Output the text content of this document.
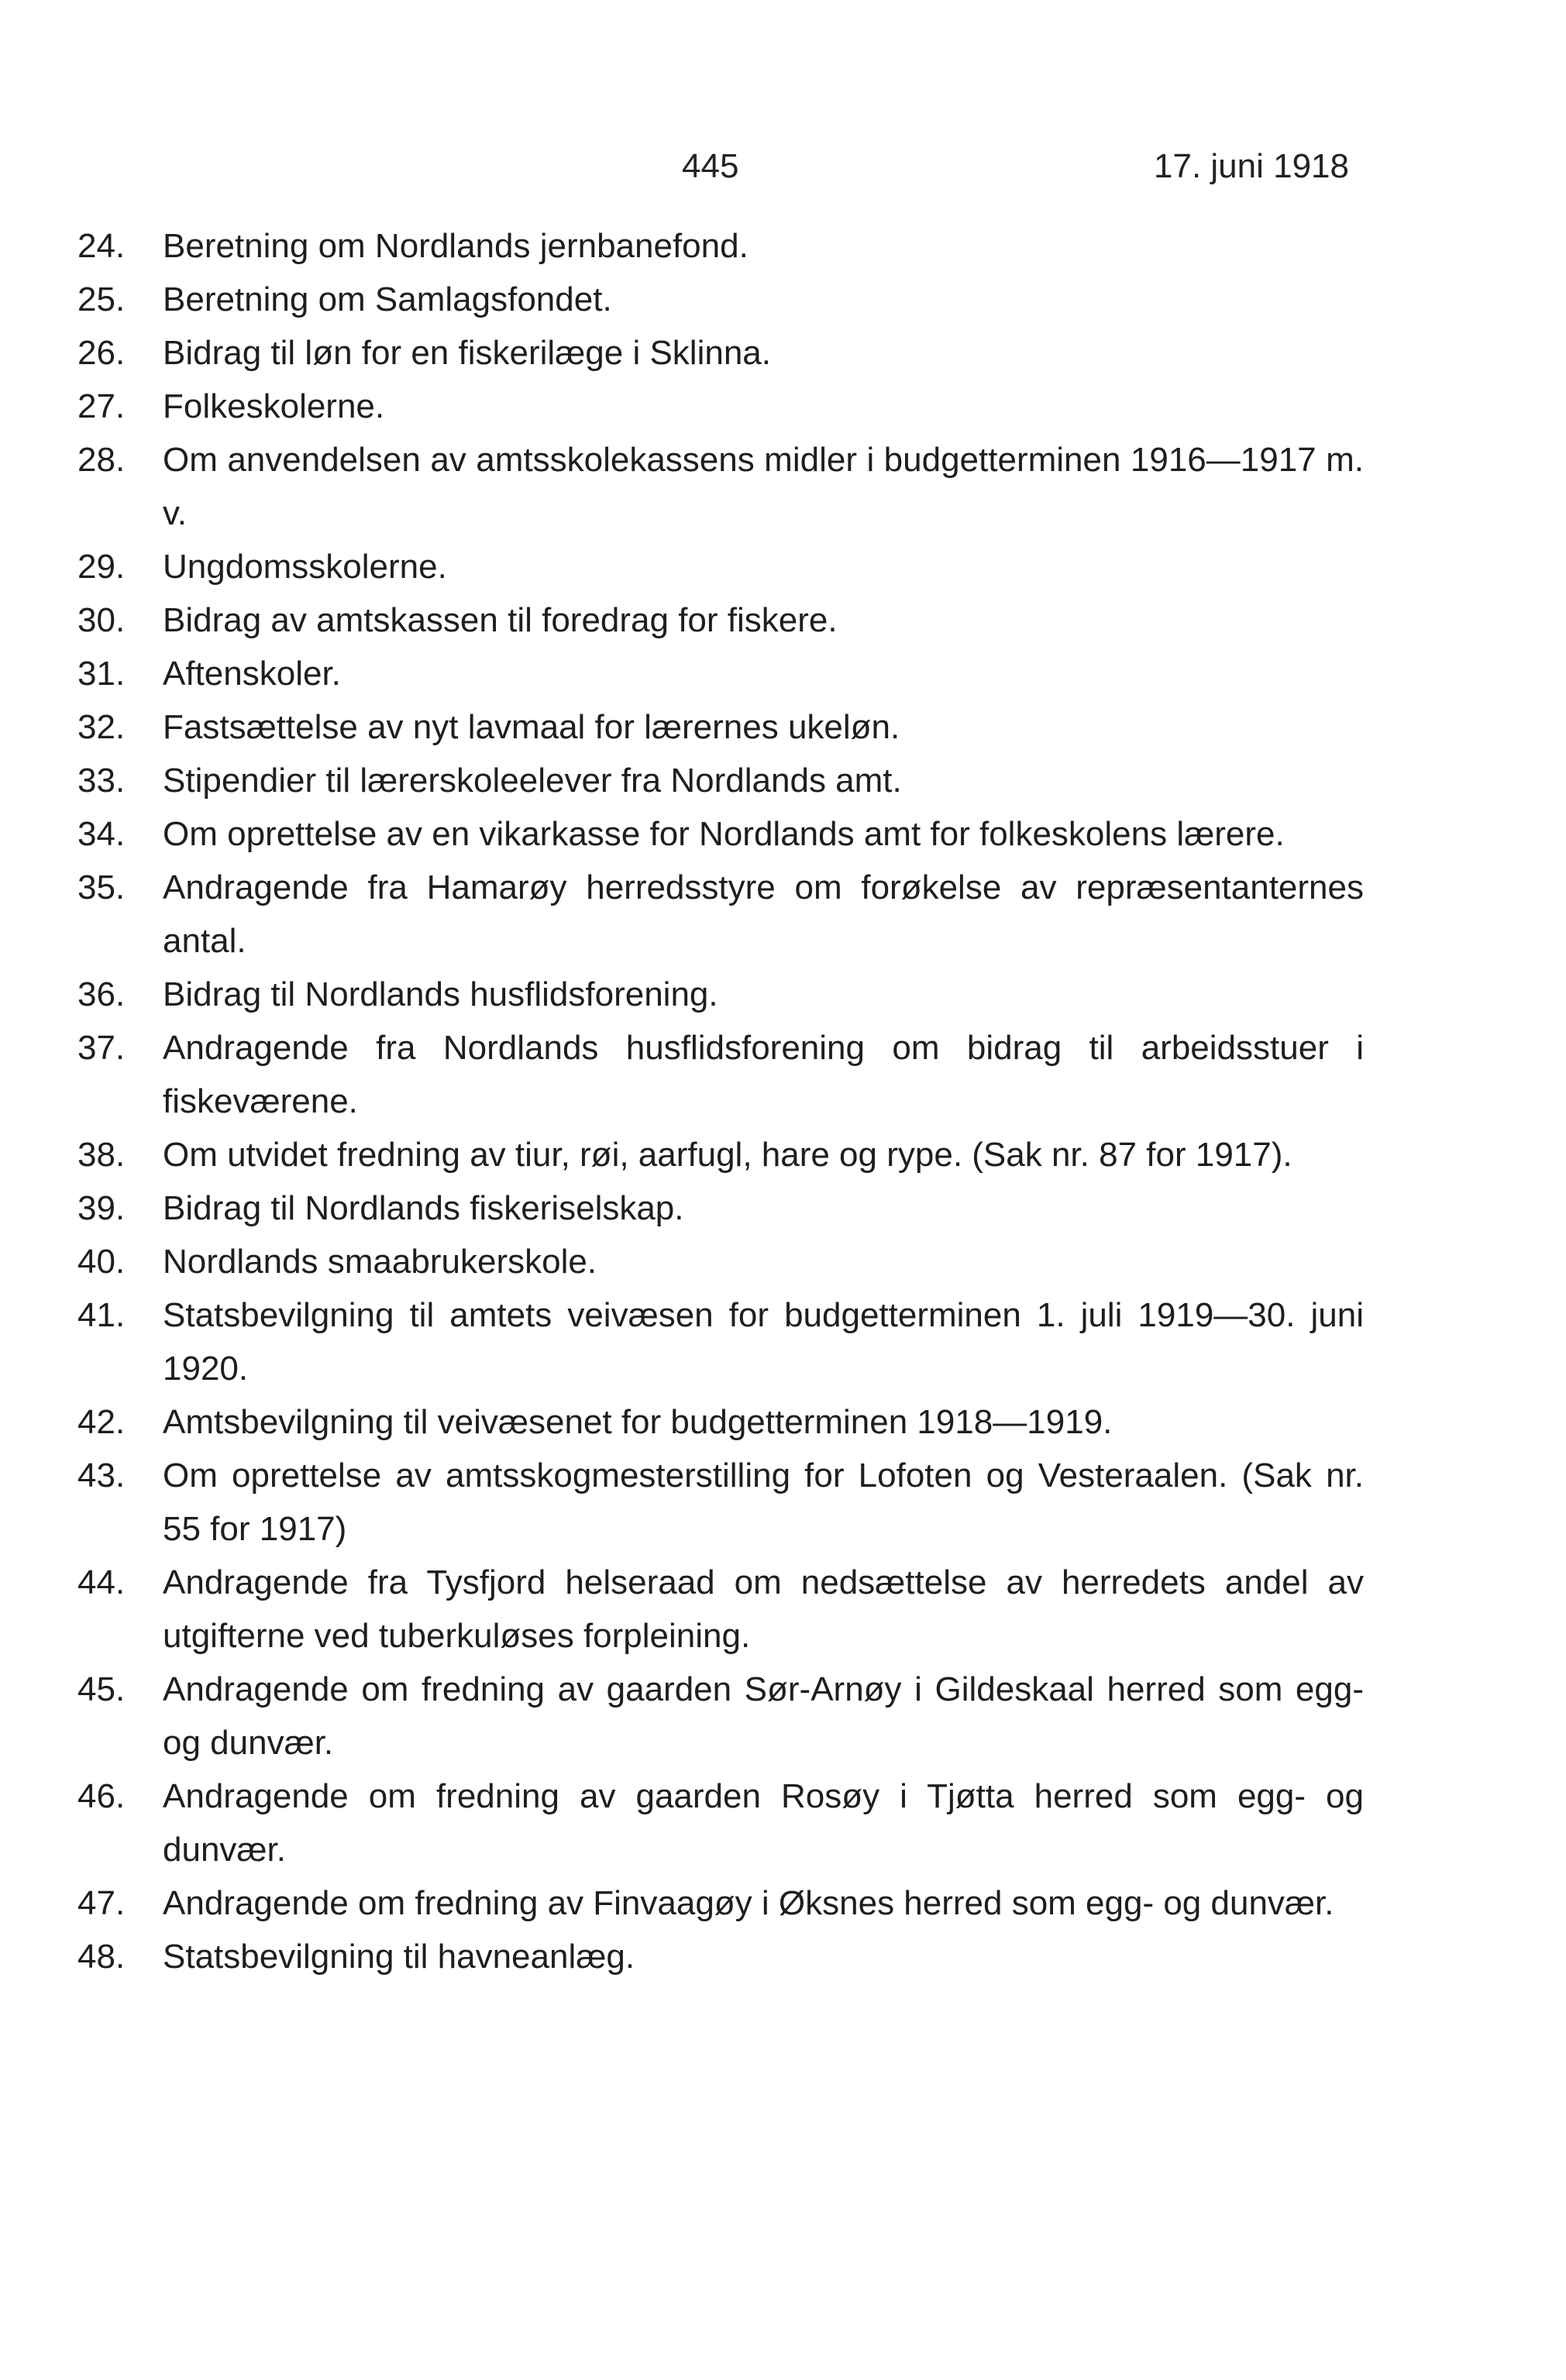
445	17. juni 1918
24.	Beretning om Nordlands jernbanefond.
25.	Beretning om Samlagsfondet.
26.	Bidrag til løn for en fiskerilæge i Sklinna.
27.	Folkeskolerne.
28.	Om anvendelsen av amtsskolekassens midler i budgetterminen 1916—1917 m. v.
29.	Ungdomsskolerne.
30.	Bidrag av amtskassen til foredrag for fiskere.
31.	Aftenskoler.
32.	Fastsættelse av nyt lavmaal for lærernes ukeløn.
33.	Stipendier til lærerskoleelever fra Nordlands amt.
34.	Om oprettelse av en vikarkasse for Nordlands amt for folkeskolens lærere.
35.	Andragende fra Hamarøy herredsstyre om forøkelse av repræsentanternes antal.
36.	Bidrag til Nordlands husflidsforening.
37.	Andragende fra Nordlands husflidsforening om bidrag til arbeidsstuer i fiskeværene.
38.	Om utvidet fredning av tiur, røi, aarfugl, hare og rype. (Sak nr. 87 for 1917).
39.	Bidrag til Nordlands fiskeriselskap.
40.	Nordlands smaabrukerskole.
41.	Statsbevilgning til amtets veivæsen for budgetterminen 1. juli 1919—30. juni 1920.
42.	Amtsbevilgning til veivæsenet for budgetterminen 1918—1919.
43.	Om oprettelse av amtsskogmesterstilling for Lofoten og Vesteraalen. (Sak nr. 55 for 1917)
44.	Andragende fra Tysfjord helseraad om nedsættelse av herredets andel av utgifterne ved tuberkuløses forpleining.
45.	Andragende om fredning av gaarden Sør-Arnøy i Gildeskaal herred som egg- og dunvær.
46.	Andragende om fredning av gaarden Rosøy i Tjøtta herred som egg- og dunvær.
47.	Andragende om fredning av Finvaagøy i Øksnes herred som egg- og dunvær.
48.	Statsbevilgning til havneanlæg.
